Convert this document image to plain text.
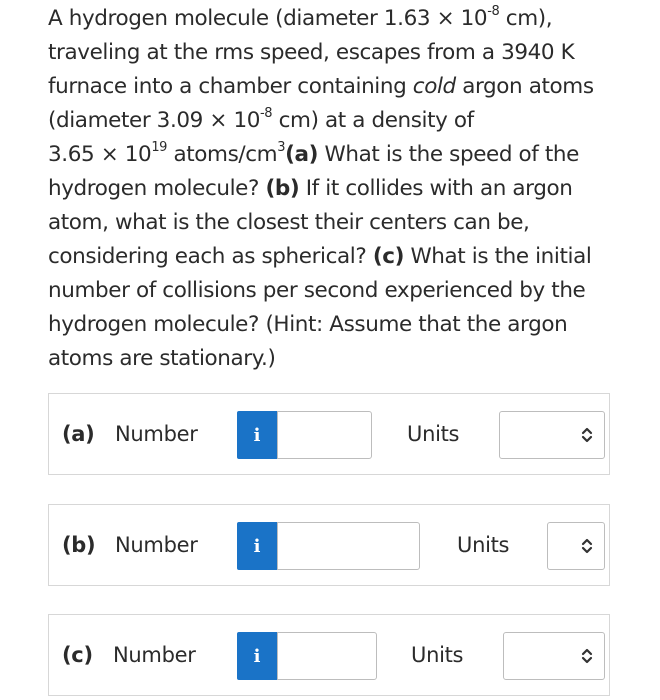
A hydrogen molecule (diameter $1.63 \times 10^{-8}$ cm),
traveling at the rms speed, escapes from a 3940 K
furnace into a chamber containing cold argon atoms
(diameter $3.09 \times 10^{-8}$ cm) at a density of
$3.65 \times 10^{19}$ atoms/$cm^3(a)$ What is the speed of the hydrogen molecule? (b) If it collides with an argon atom, what is the closest their centers can be, considering each as spherical? (c) What is the initial number of collisions per second experienced by the hydrogen molecule? (Hint: Assume that the argon atoms are stationary.)

(a) Number	i	Units
(b) Number	i	Units
(c) Number	i	Units
